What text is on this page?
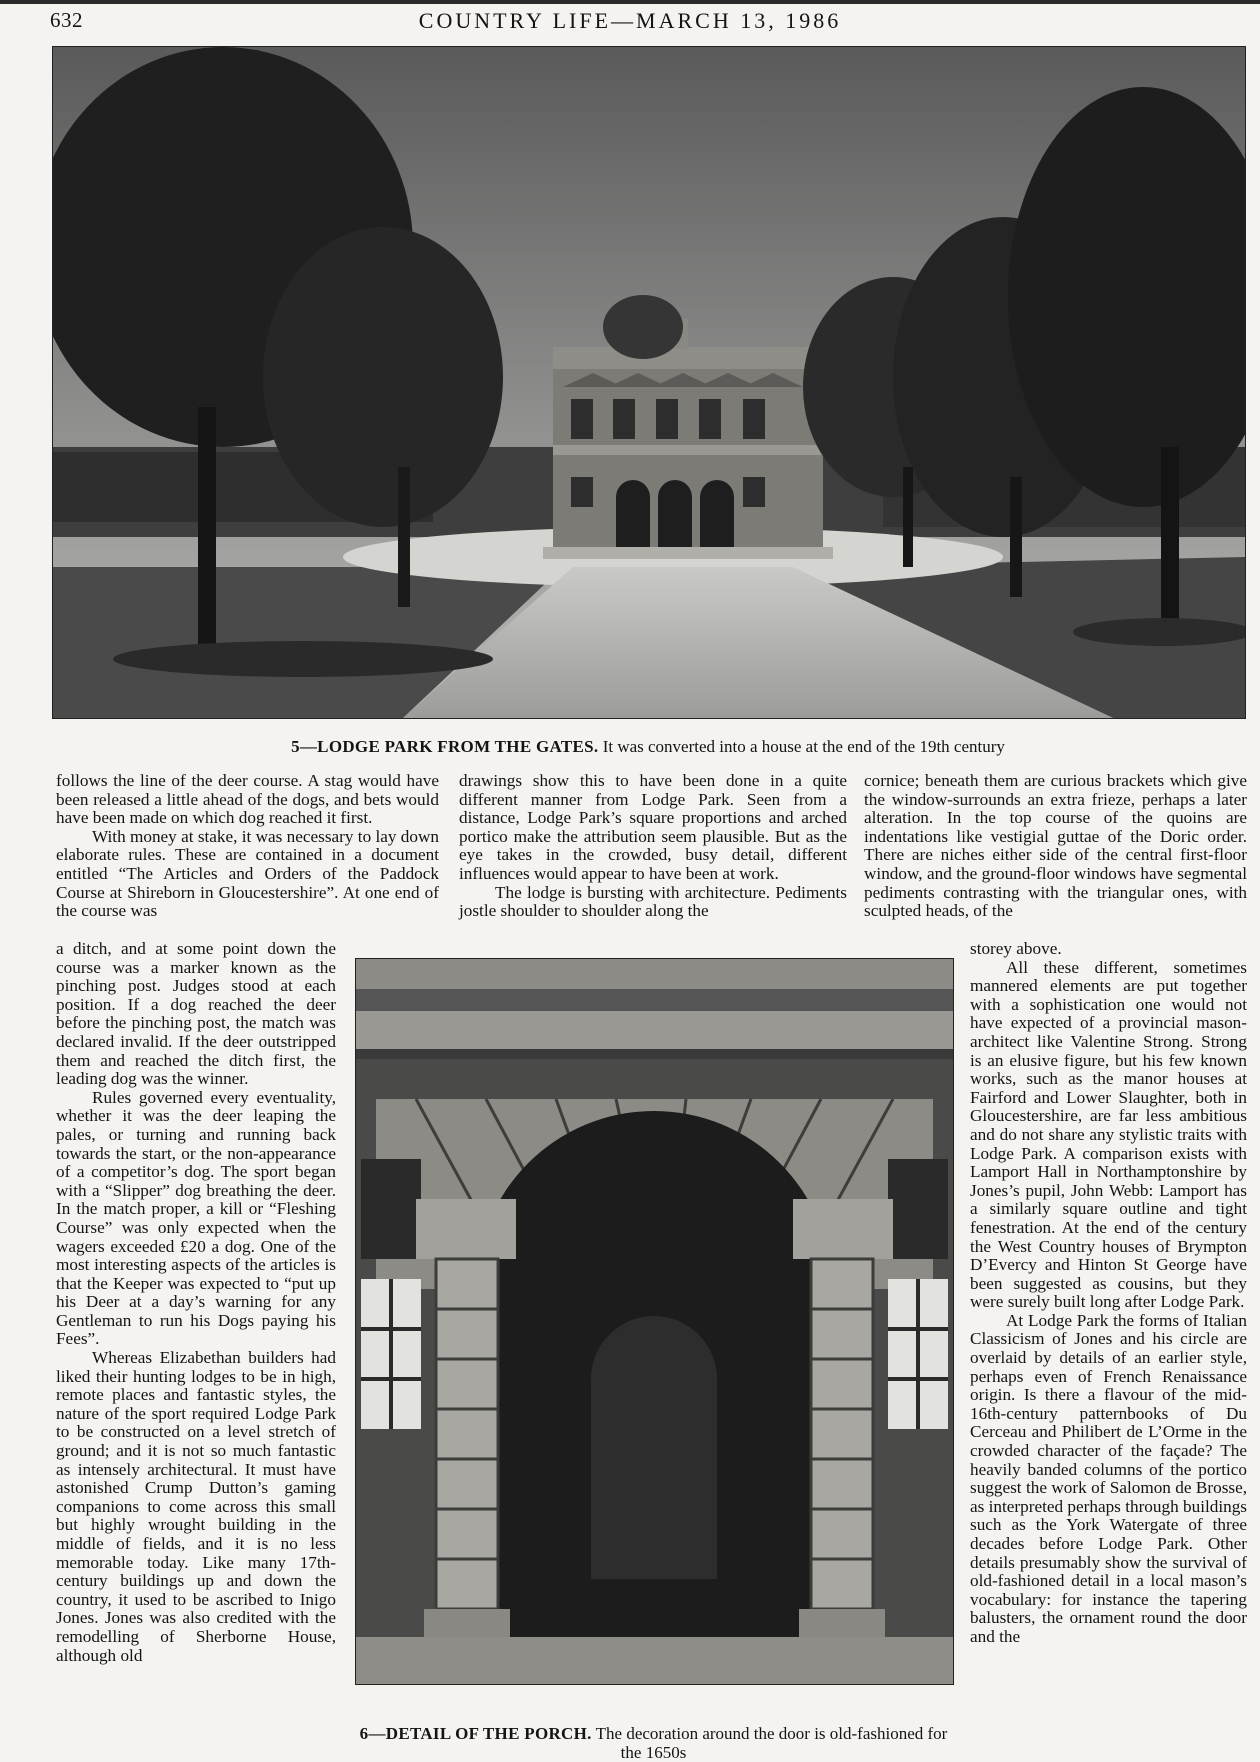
632	COUNTRY LIFE—MARCH 13, 1986
5—LODGE PARK FROM THE GATES. It was converted into a house at the end of the 19th century
6—DETAIL OF THE PORCH. The decoration around the door is old-fashioned for the 1650s

follows the line of the deer course. A stag would have been released a little ahead of the dogs, and bets would have been made on which dog reached it first.

With money at stake, it was necessary to lay down elaborate rules. These are contained in a document entitled “The Articles and Orders of the Paddock Course at Shireborn in Gloucestershire”. At one end of the course was

a ditch, and at some point down the course was a marker known as the pinching post. Judges stood at each position. If a dog reached the deer before the pinching post, the match was declared invalid. If the deer outstripped them and reached the ditch first, the leading dog was the winner.

Rules governed every eventuality, whether it was the deer leaping the pales, or turning and running back towards the start, or the non-appearance of a competitor’s dog. The sport began with a “Slipper” dog breathing the deer. In the match proper, a kill or “Fleshing Course” was only expected when the wagers exceeded £20 a dog. One of the most interesting aspects of the articles is that the Keeper was expected to “put up his Deer at a day’s warning for any Gentleman to run his Dogs paying his Fees”.

Whereas Elizabethan builders had liked their hunting lodges to be in high, remote places and fantastic styles, the nature of the sport required Lodge Park to be constructed on a level stretch of ground; and it is not so much fantastic as intensely architectural. It must have astonished Crump Dutton’s gaming companions to come across this small but highly wrought building in the middle of fields, and it is no less memorable today. Like many 17th-century buildings up and down the country, it used to be ascribed to Inigo Jones. Jones was also credited with the remodelling of Sherborne House, although old

drawings show this to have been done in a quite different manner from Lodge Park. Seen from a distance, Lodge Park’s square proportions and arched portico make the attribution seem plausible. But as the eye takes in the crowded, busy detail, different influences would appear to have been at work.

The lodge is bursting with architecture. Pediments jostle shoulder to shoulder along the

cornice; beneath them are curious brackets which give the window-surrounds an extra frieze, perhaps a later alteration. In the top course of the quoins are indentations like vestigial guttae of the Doric order. There are niches either side of the central first-floor window, and the ground-floor windows have segmental pediments contrasting with the triangular ones, with sculpted heads, of the

storey above.

All these different, sometimes mannered elements are put together with a sophistication one would not have expected of a provincial mason-architect like Valentine Strong. Strong is an elusive figure, but his few known works, such as the manor houses at Fairford and Lower Slaughter, both in Gloucestershire, are far less ambitious and do not share any stylistic traits with Lodge Park. A comparison exists with Lamport Hall in Northamptonshire by Jones’s pupil, John Webb: Lamport has a similarly square outline and tight fenestration. At the end of the century the West Country houses of Brympton D’Evercy and Hinton St George have been suggested as cousins, but they were surely built long after Lodge Park.

At Lodge Park the forms of Italian Classicism of Jones and his circle are overlaid by details of an earlier style, perhaps even of French Renaissance origin. Is there a flavour of the mid-16th-century patternbooks of Du Cerceau and Philibert de L’Orme in the crowded character of the façade? The heavily banded columns of the portico suggest the work of Salomon de Brosse, as interpreted perhaps through buildings such as the York Watergate of three decades before Lodge Park. Other details presumably show the survival of old-fashioned detail in a local mason’s vocabulary: for instance the tapering balusters, the ornament round the door and the
